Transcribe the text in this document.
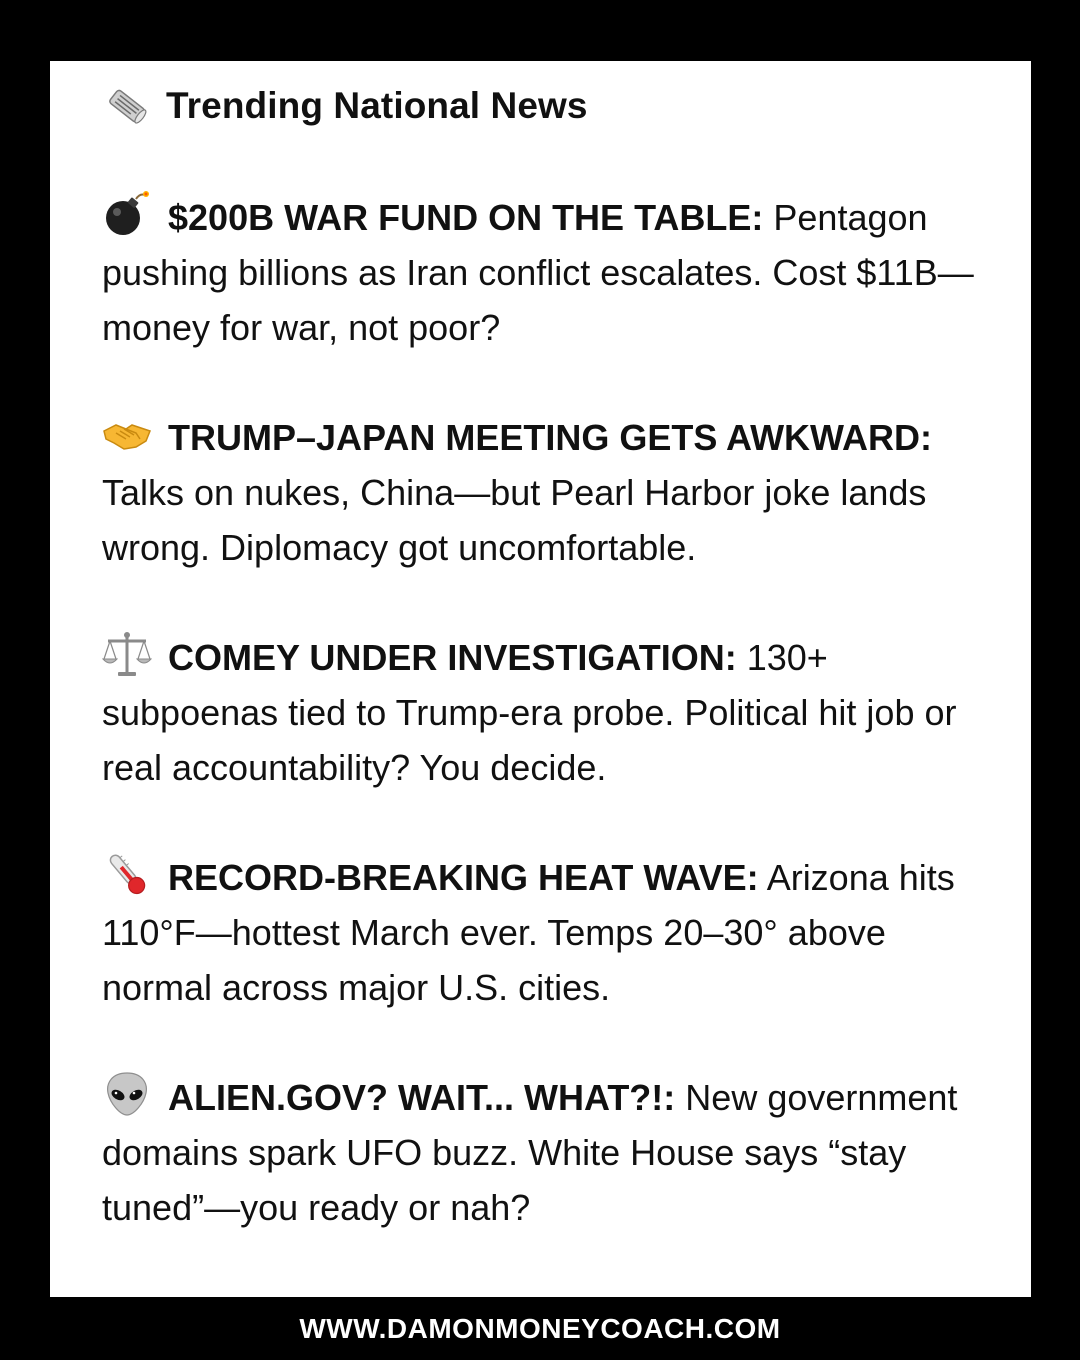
Trending National News
$200B WAR FUND ON THE TABLE: Pentagon pushing billions as Iran conflict escalates. Cost $11B—money for war, not poor?
TRUMP–JAPAN MEETING GETS AWKWARD: Talks on nukes, China—but Pearl Harbor joke lands wrong. Diplomacy got uncomfortable.
COMEY UNDER INVESTIGATION: 130+ subpoenas tied to Trump-era probe. Political hit job or real accountability? You decide.
RECORD-BREAKING HEAT WAVE: Arizona hits 110°F—hottest March ever. Temps 20–30° above normal across major U.S. cities.
ALIEN.GOV? WAIT... WHAT?!: New government domains spark UFO buzz. White House says “stay tuned”—you ready or nah?
WWW.DAMONMONEYCOACH.COM
